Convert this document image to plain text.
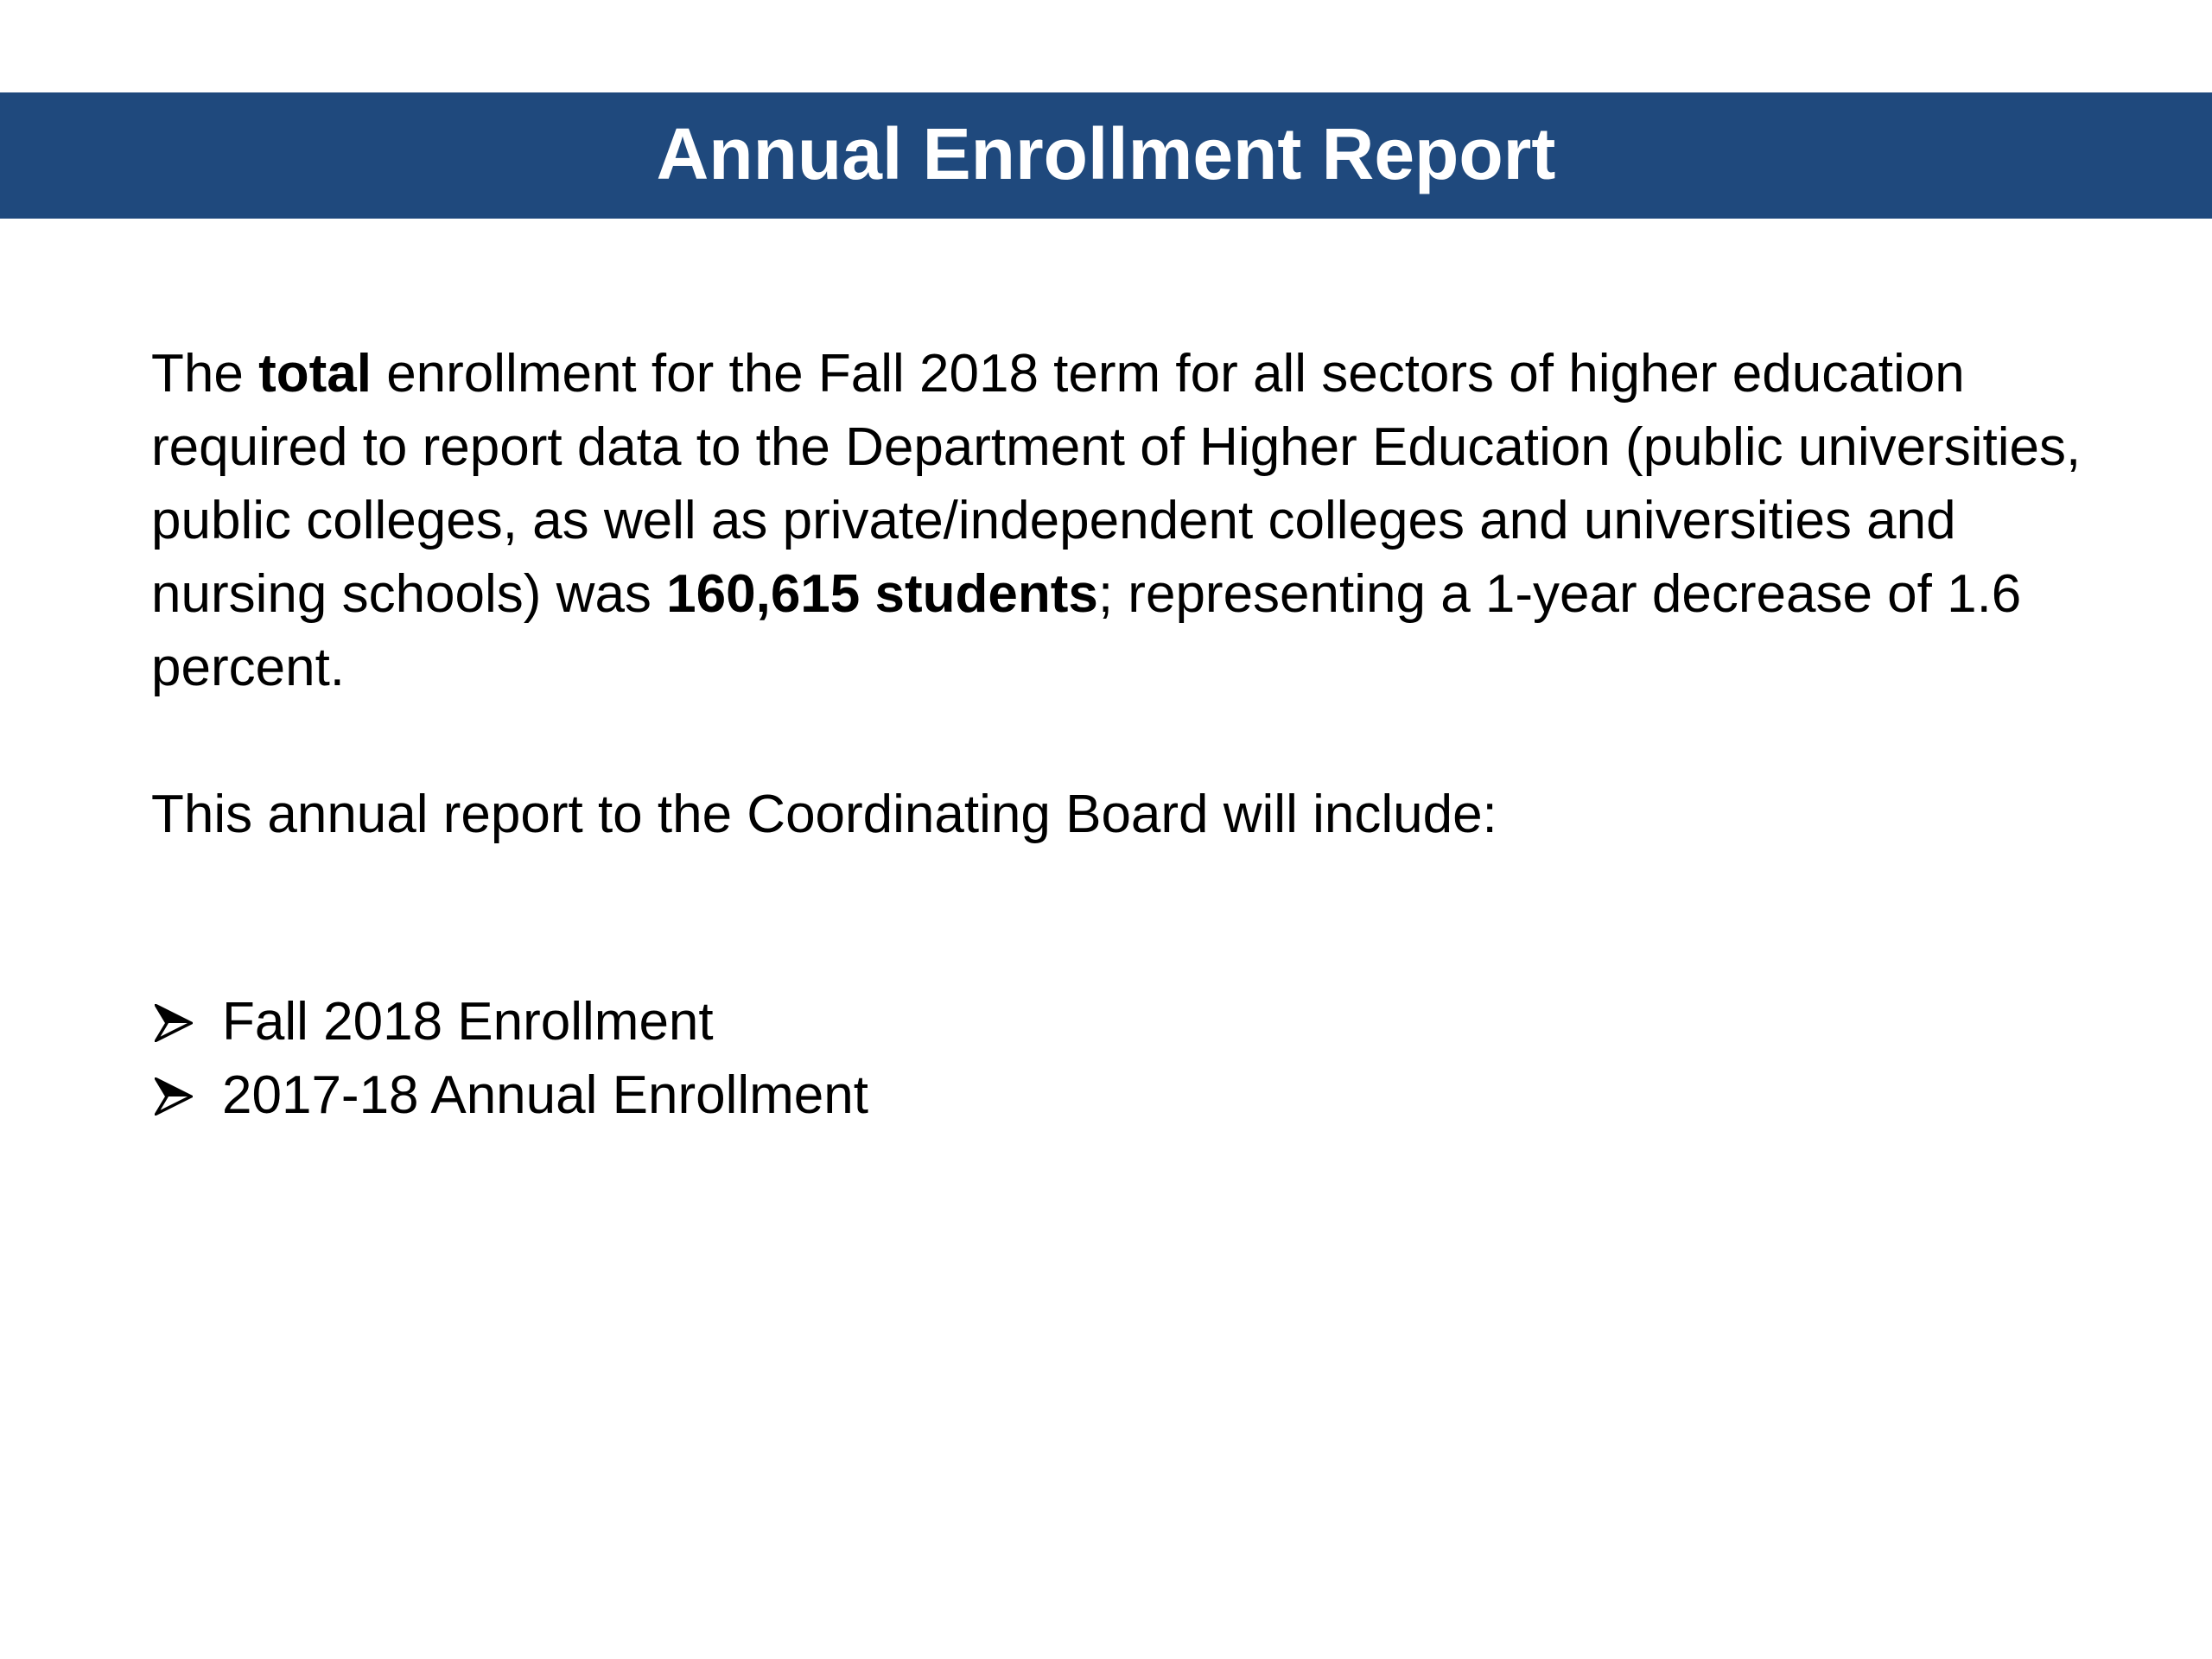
Annual Enrollment Report

The total enrollment for the Fall 2018 term for all sectors of higher education required to report data to the Department of Higher Education (public universities, public colleges, as well as private/independent colleges and universities and nursing schools) was 160,615 students; representing a 1-year decrease of 1.6 percent.

This annual report to the Coordinating Board will include:

Fall 2018 Enrollment
2017-18 Annual Enrollment
